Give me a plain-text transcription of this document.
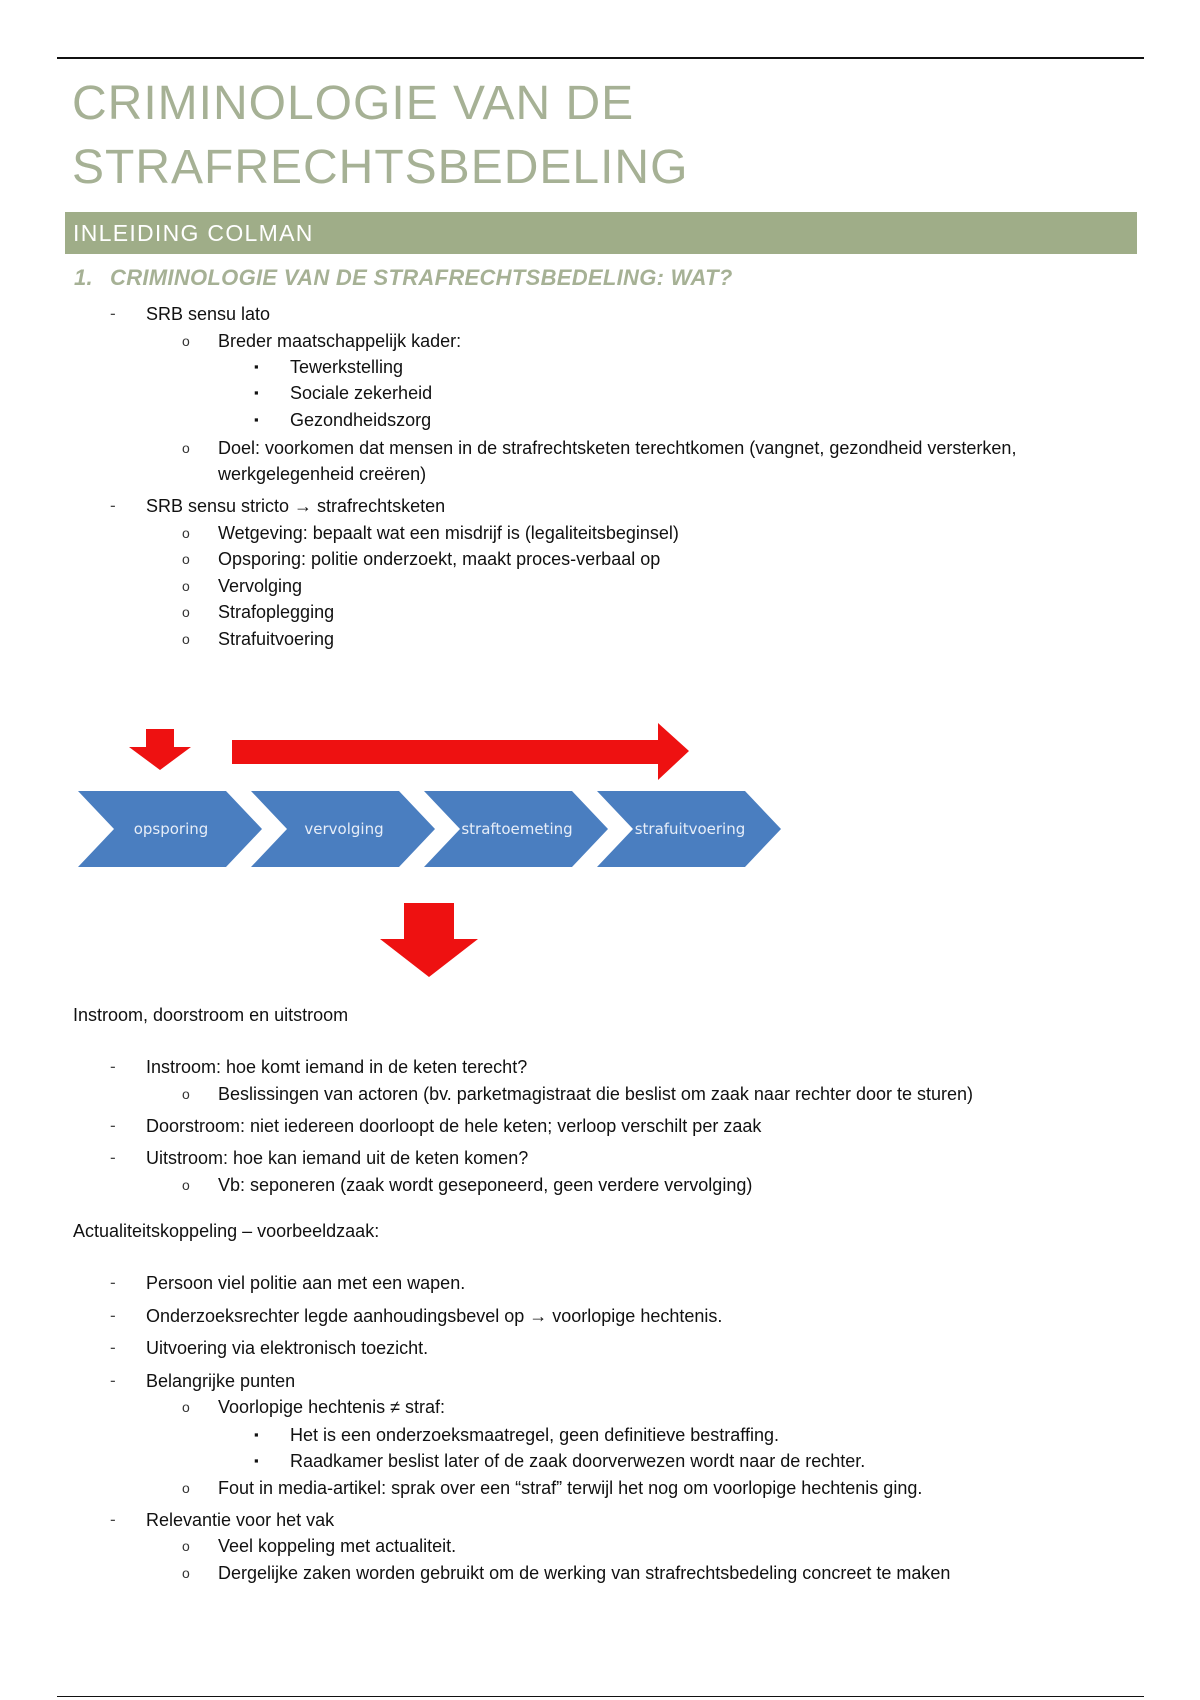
CRIMINOLOGIE VAN DE
STRAFRECHTSBEDELING
INLEIDING COLMAN
1. CRIMINOLOGIE VAN DE STRAFRECHTSBEDELING: WAT?
- SRB sensu lato
o Breder maatschappelijk kader:
▪ Tewerkstelling
▪ Sociale zekerheid
▪ Gezondheidszorg
o Doel: voorkomen dat mensen in de strafrechtsketen terechtkomen (vangnet, gezondheid versterken,
werkgelegenheid creëren)
- SRB sensu stricto → strafrechtsketen
o Wetgeving: bepaalt wat een misdrijf is (legaliteitsbeginsel)
o Opsporing: politie onderzoekt, maakt proces-verbaal op
o Vervolging
o Strafoplegging
o Strafuitvoering
opsporing	vervolging	straftoemeting	strafuitvoering
Instroom, doorstroom en uitstroom
- Instroom: hoe komt iemand in de keten terecht?
o Beslissingen van actoren (bv. parketmagistraat die beslist om zaak naar rechter door te sturen)
- Doorstroom: niet iedereen doorloopt de hele keten; verloop verschilt per zaak
- Uitstroom: hoe kan iemand uit de keten komen?
o Vb: seponeren (zaak wordt geseponeerd, geen verdere vervolging)
Actualiteitskoppeling – voorbeeldzaak:
- Persoon viel politie aan met een wapen.
- Onderzoeksrechter legde aanhoudingsbevel op → voorlopige hechtenis.
- Uitvoering via elektronisch toezicht.
- Belangrijke punten
o Voorlopige hechtenis ≠ straf:
▪ Het is een onderzoeksmaatregel, geen definitieve bestraffing.
▪ Raadkamer beslist later of de zaak doorverwezen wordt naar de rechter.
o Fout in media-artikel: sprak over een “straf” terwijl het nog om voorlopige hechtenis ging.
- Relevantie voor het vak
o Veel koppeling met actualiteit.
o Dergelijke zaken worden gebruikt om de werking van strafrechtsbedeling concreet te maken
